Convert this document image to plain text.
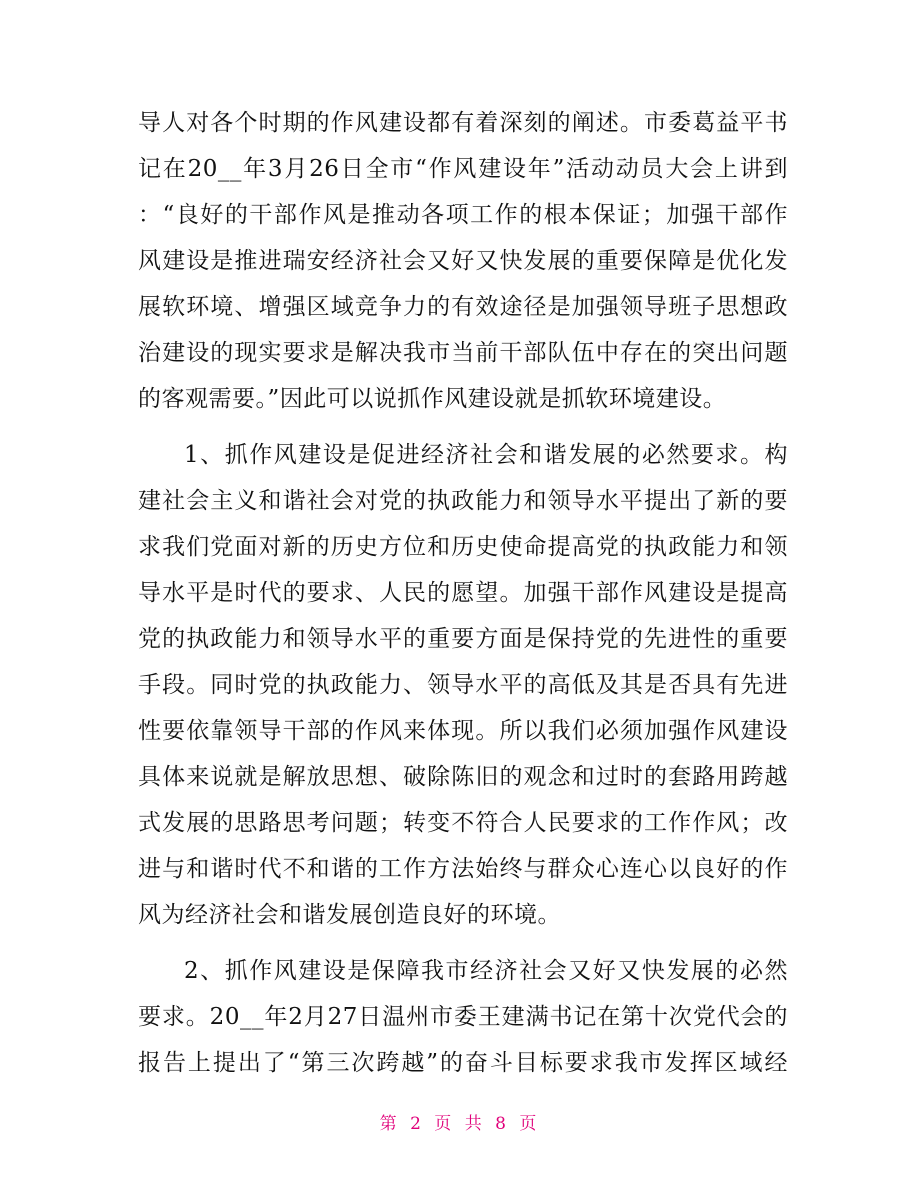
导人对各个时期的作风建设都有着深刻的阐述。市委葛益平书
记在20__年3月26日全市“作风建设年”活动动员大会上讲到
：“良好的干部作风是推动各项工作的根本保证；加强干部作
风建设是推进瑞安经济社会又好又快发展的重要保障是优化发
展软环境、增强区域竞争力的有效途径是加强领导班子思想政
治建设的现实要求是解决我市当前干部队伍中存在的突出问题
的客观需要。”因此可以说抓作风建设就是抓软环境建设。
1、抓作风建设是促进经济社会和谐发展的必然要求。构
建社会主义和谐社会对党的执政能力和领导水平提出了新的要
求我们党面对新的历史方位和历史使命提高党的执政能力和领
导水平是时代的要求、人民的愿望。加强干部作风建设是提高
党的执政能力和领导水平的重要方面是保持党的先进性的重要
手段。同时党的执政能力、领导水平的高低及其是否具有先进
性要依靠领导干部的作风来体现。所以我们必须加强作风建设
具体来说就是解放思想、破除陈旧的观念和过时的套路用跨越
式发展的思路思考问题；转变不符合人民要求的工作作风；改
进与和谐时代不和谐的工作方法始终与群众心连心以良好的作
风为经济社会和谐发展创造良好的环境。
2、抓作风建设是保障我市经济社会又好又快发展的必然
要求。20__年2月27日温州市委王建满书记在第十次党代会的
报告上提出了“第三次跨越”的奋斗目标要求我市发挥区域经
第 2 页 共 8 页
